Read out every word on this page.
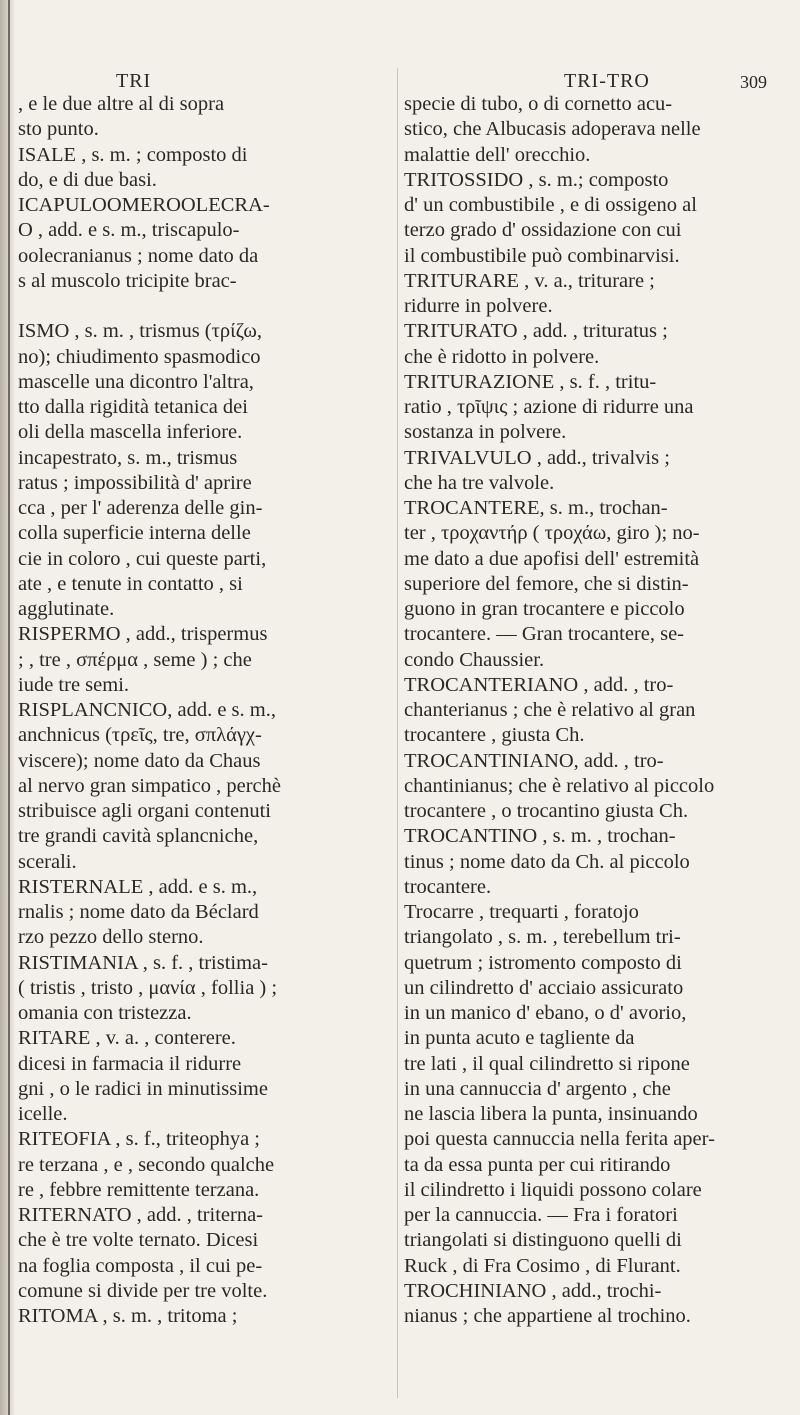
TRI
, e le due altre al di sopra
sto punto.
ISALE , s. m. ; composto di
do, e di due basi.
ICAPULOOMEROOLECRA-
O , add. e s. m., triscapulo-
oolecranianus ; nome dato da
s al muscolo tricipite brac-
ISMO , s. m. , trismus (τρίζω,
no); chiudimento spasmodico
mascelle una dicontro l'altra,
tto dalla rigidità tetanica dei
oli della mascella inferiore.
incapestrato, s. m., trismus
ratus ; impossibilità d' aprire
cca , per l' aderenza delle gin-
colla superficie interna delle
cie in coloro , cui queste parti,
ate , e tenute in contatto , si
agglutinate.
RISPERMO , add., trispermus
; , tre , σπέρμα , seme ) ; che
iude tre semi.
RISPLANCNICO, add. e s. m.,
anchnicus (τρεῖς, tre, σπλάγχ-
viscere); nome dato da Chaus
al nervo gran simpatico , perchè
stribuisce agli organi contenuti
tre grandi cavità splancniche,
scerali.
RISTERNALE , add. e s. m.,
rnalis ; nome dato da Béclard
rzo pezzo dello sterno.
RISTIMANIA , s. f. , tristima-
( tristis , tristo , μανία , follia ) ;
omania con tristezza.
RITARE , v. a. , conterere.
dicesi in farmacia il ridurre
gni , o le radici in minutissime
icelle.
RITEOFIA , s. f., triteophya ;
re terzana , e , secondo qualche
re , febbre remittente terzana.
RITERNATO , add. , triterna-
che è tre volte ternato. Dicesi
na foglia composta , il cui pe-
comune si divide per tre volte.
RITOMA , s. m. , tritoma ;
TRI-TRO	309
specie di tubo, o di cornetto acu-
stico, che Albucasis adoperava nelle
malattie dell' orecchio.
TRITOSSIDO , s. m.; composto
d' un combustibile , e di ossigeno al
terzo grado d' ossidazione con cui
il combustibile può combinarvisi.
TRITURARE , v. a., triturare ;
ridurre in polvere.
TRITURATO , add. , trituratus ;
che è ridotto in polvere.
TRITURAZIONE , s. f. , tritu-
ratio , τρῖψις ; azione di ridurre una
sostanza in polvere.
TRIVALVULO , add., trivalvis ;
che ha tre valvole.
TROCANTERE, s. m., trochan-
ter , τροχαντήρ ( τροχάω, giro ); no-
me dato a due apofisi dell' estremità
superiore del femore, che si distin-
guono in gran trocantere e piccolo
trocantere. — Gran trocantere, se-
condo Chaussier.
TROCANTERIANO , add. , tro-
chanterianus ; che è relativo al gran
trocantere , giusta Ch.
TROCANTINIANO, add. , tro-
chantinianus; che è relativo al piccolo
trocantere , o trocantino giusta Ch.
TROCANTINO , s. m. , trochan-
tinus ; nome dato da Ch. al piccolo
trocantere.
Trocarre , trequarti , foratojo
triangolato , s. m. , terebellum tri-
quetrum ; istromento composto di
un cilindretto d' acciaio assicurato
in un manico d' ebano, o d' avorio,
in punta acuto e tagliente da
tre lati , il qual cilindretto si ripone
in una cannuccia d' argento , che
ne lascia libera la punta, insinuando
poi questa cannuccia nella ferita aper-
ta da essa punta per cui ritirando
il cilindretto i liquidi possono colare
per la cannuccia. — Fra i foratori
triangolati si distinguono quelli di
Ruck , di Fra Cosimo , di Flurant.
TROCHINIANO , add., trochi-
nianus ; che appartiene al trochino.
